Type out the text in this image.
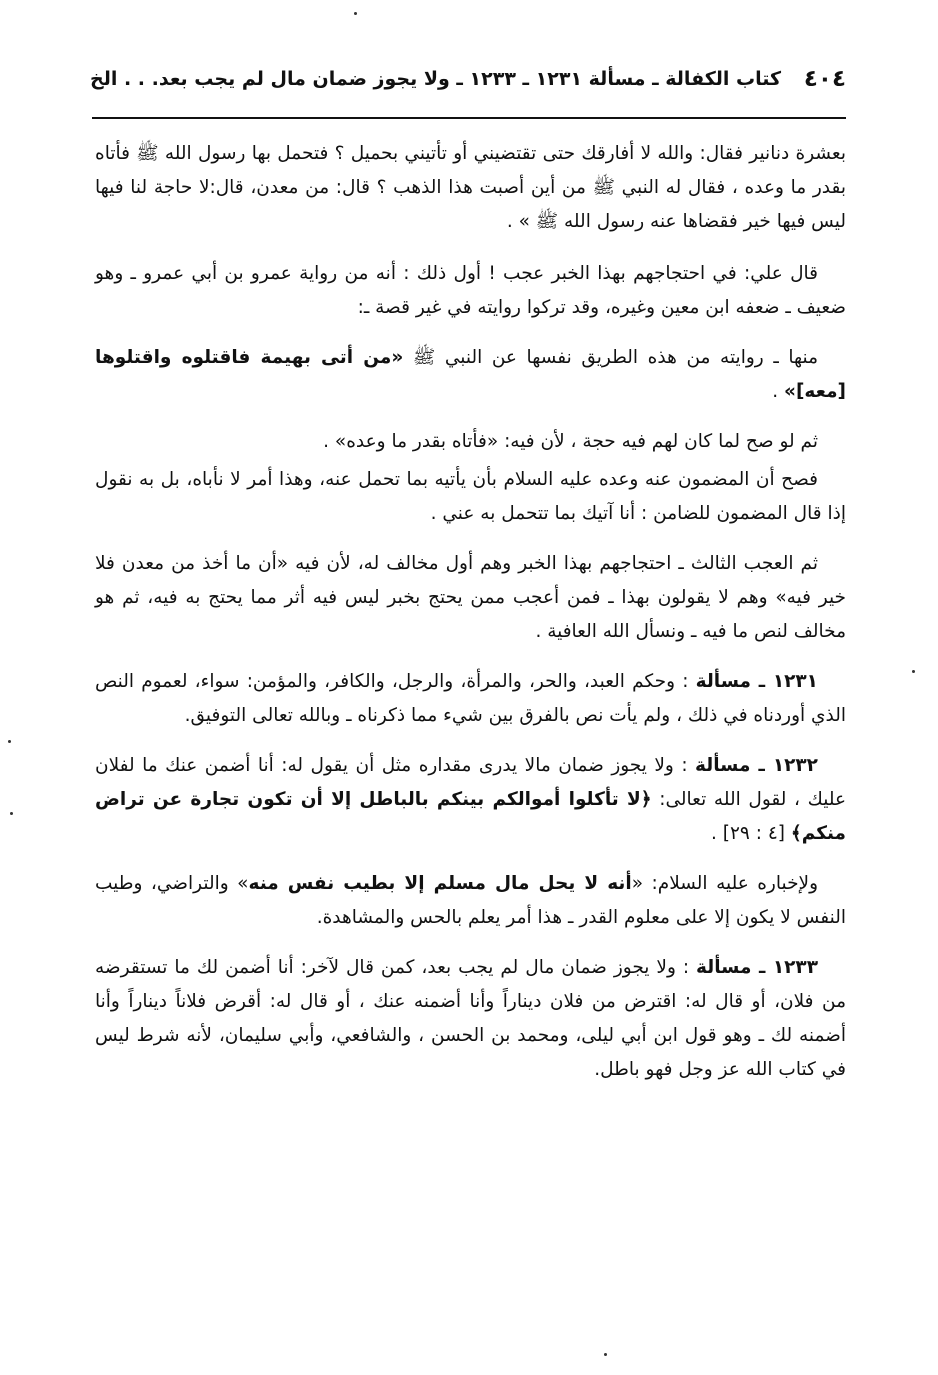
٤٠٤
كتاب الكفالة ـ مسألة ١٢٣١ ـ ١٢٣٣ ـ ولا يجوز ضمان مال لم يجب بعد. . . الخ

بعشرة دنانير فقال: والله لا أفارقك حتى تقتضيني أو تأتيني بحميل ؟ فتحمل بها رسول الله ﷺ فأتاه بقدر ما وعده ، فقال له النبي ﷺ من أين أصبت هذا الذهب ؟ قال: من معدن، قال:لا حاجة لنا فيها ليس فيها خير فقضاها عنه رسول الله ﷺ » .

قال علي: في احتجاجهم بهذا الخبر عجب ! أول ذلك : أنه من رواية عمرو بن أبي عمرو ـ وهو ضعيف ـ ضعفه ابن معين وغيره، وقد تركوا روايته في غير قصة ـ:

منها ـ روايته من هذه الطريق نفسها عن النبي ﷺ «من أتى بهيمة فاقتلوه واقتلوها [معه]» .

ثم لو صح لما كان لهم فيه حجة ، لأن فيه: «فأتاه بقدر ما وعده» .

فصح أن المضمون عنه وعده عليه السلام بأن يأتيه بما تحمل عنه، وهذا أمر لا نأباه، بل به نقول إذا قال المضمون للضامن : أنا آتيك بما تتحمل به عني .

ثم العجب الثالث ـ احتجاجهم بهذا الخبر وهم أول مخالف له، لأن فيه «أن ما أخذ من معدن فلا خير فيه» وهم لا يقولون بهذا ـ فمن أعجب ممن يحتج بخبر ليس فيه أثر مما يحتج به فيه، ثم هو مخالف لنص ما فيه ـ ونسأل الله العافية .

١٢٣١ ـ مسألة : وحكم العبد، والحر، والمرأة، والرجل، والكافر، والمؤمن: سواء، لعموم النص الذي أوردناه في ذلك ، ولم يأت نص بالفرق بين شيء مما ذكرناه ـ وبالله تعالى التوفيق.

١٢٣٢ ـ مسألة : ولا يجوز ضمان مالا يدرى مقداره مثل أن يقول له: أنا أضمن عنك ما لفلان عليك ، لقول الله تعالى: ﴿لا تأكلوا أموالكم بينكم بالباطل إلا أن تكون تجارة عن تراض منكم﴾ [٤ : ٢٩] .

ولإخباره عليه السلام: «أنه لا يحل مال مسلم إلا بطيب نفس منه» والتراضي، وطيب النفس لا يكون إلا على معلوم القدر ـ هذا أمر يعلم بالحس والمشاهدة.

١٢٣٣ ـ مسألة : ولا يجوز ضمان مال لم يجب بعد، كمن قال لآخر: أنا أضمن لك ما تستقرضه من فلان، أو قال له: اقترض من فلان ديناراً وأنا أضمنه عنك ، أو قال له: أقرض فلاناً ديناراً وأنا أضمنه لك ـ وهو قول ابن أبي ليلى، ومحمد بن الحسن ، والشافعي، وأبي سليمان، لأنه شرط ليس في كتاب الله عز وجل فهو باطل.
